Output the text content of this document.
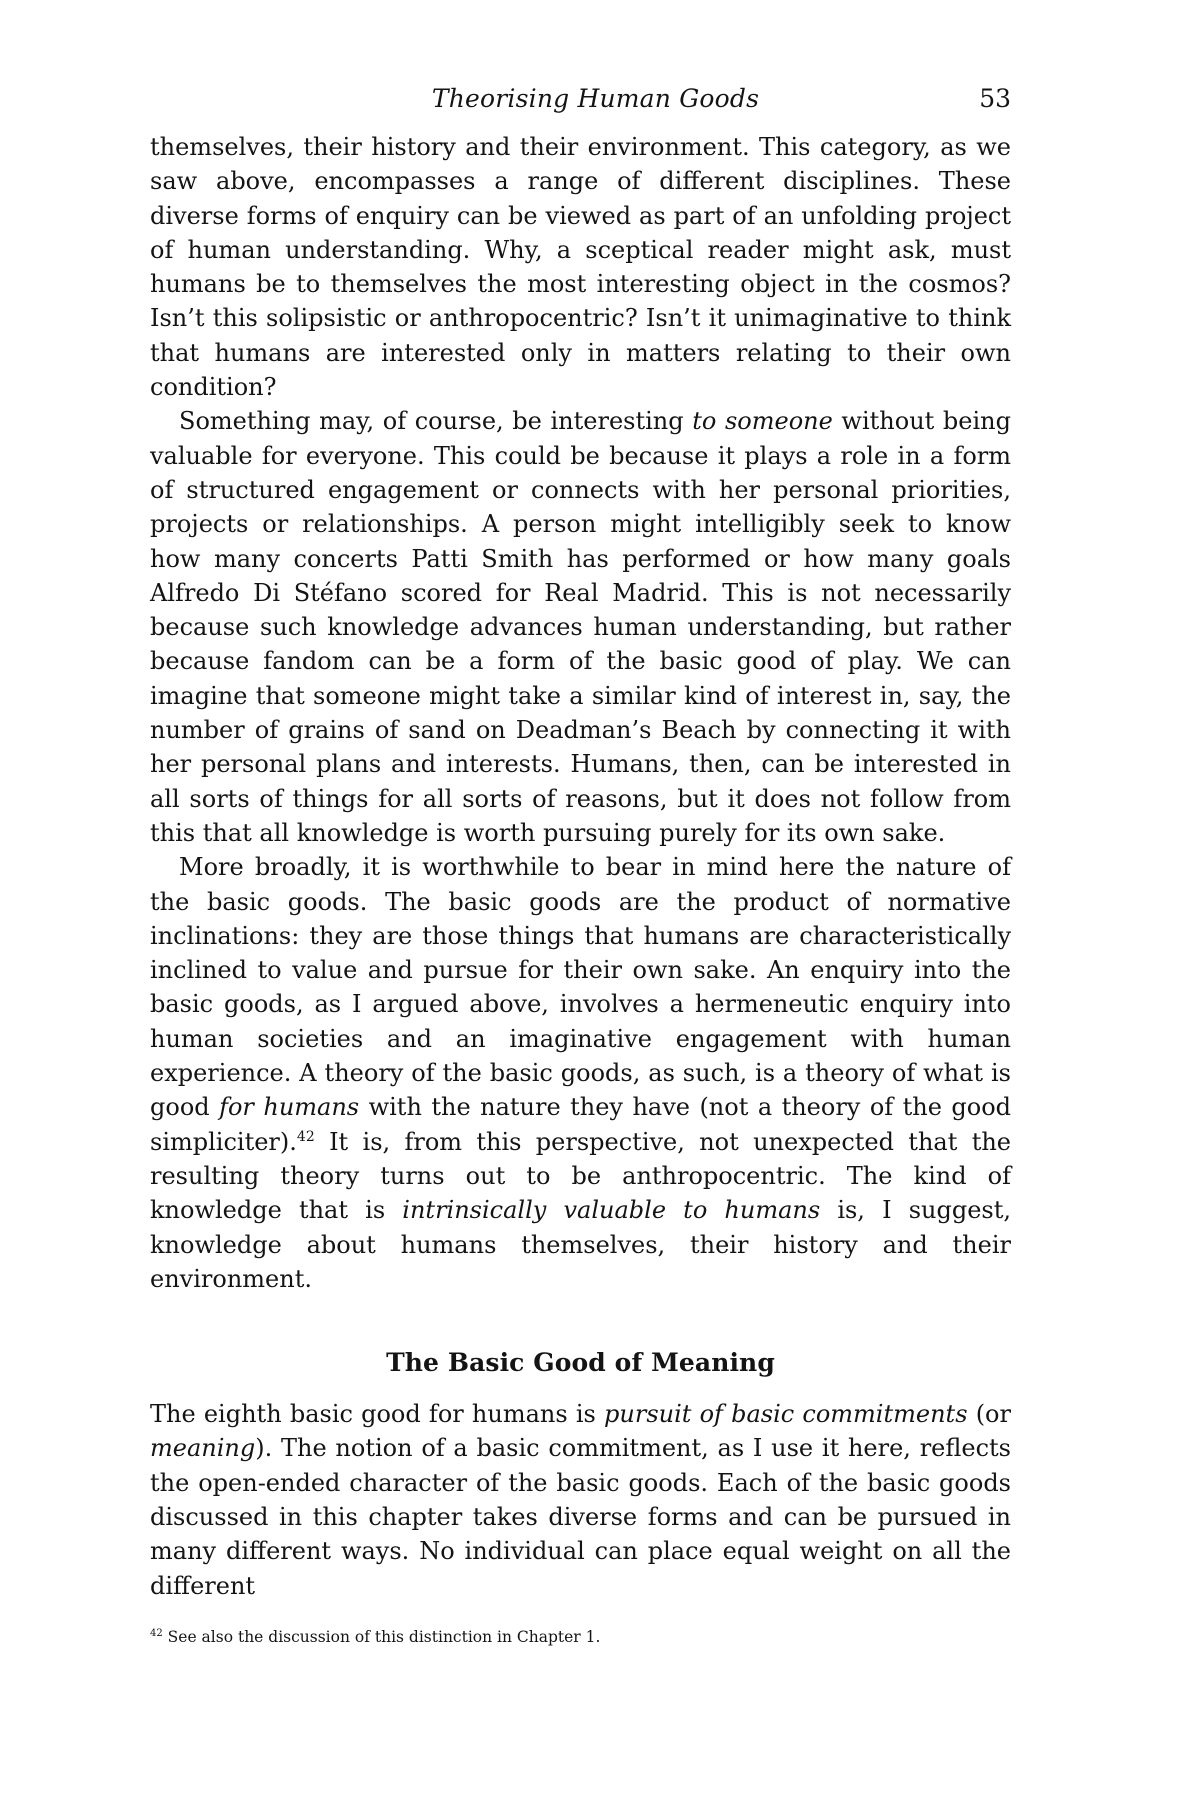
Theorising Human Goods	53

themselves, their history and their environment. This category, as we saw above, encompasses a range of different disciplines. These diverse forms of enquiry can be viewed as part of an unfolding project of human understanding. Why, a sceptical reader might ask, must humans be to themselves the most interesting object in the cosmos? Isn’t this solipsistic or anthropocentric? Isn’t it unimaginative to think that humans are interested only in matters relating to their own condition?

Something may, of course, be interesting to someone without being valuable for everyone. This could be because it plays a role in a form of structured engagement or connects with her personal priorities, projects or relationships. A person might intelligibly seek to know how many concerts Patti Smith has performed or how many goals Alfredo Di Stéfano scored for Real Madrid. This is not necessarily because such knowledge advances human understanding, but rather because fandom can be a form of the basic good of play. We can imagine that someone might take a similar kind of interest in, say, the number of grains of sand on Deadman’s Beach by connecting it with her personal plans and interests. Humans, then, can be interested in all sorts of things for all sorts of reasons, but it does not follow from this that all knowledge is worth pursuing purely for its own sake.

More broadly, it is worthwhile to bear in mind here the nature of the basic goods. The basic goods are the product of normative inclinations: they are those things that humans are characteristically inclined to value and pursue for their own sake. An enquiry into the basic goods, as I argued above, involves a hermeneutic enquiry into human societies and an imaginative engagement with human experience. A theory of the basic goods, as such, is a theory of what is good for humans with the nature they have (not a theory of the good simpliciter).$^{42}$ It is, from this perspective, not unexpected that the resulting theory turns out to be anthropocentric. The kind of knowledge that is intrinsically valuable to humans is, I suggest, knowledge about humans themselves, their history and their environment.

The Basic Good of Meaning

The eighth basic good for humans is pursuit of basic commitments (or meaning). The notion of a basic commitment, as I use it here, reflects the open-ended character of the basic goods. Each of the basic goods discussed in this chapter takes diverse forms and can be pursued in many different ways. No individual can place equal weight on all the different

$^{42}$ See also the discussion of this distinction in Chapter 1.
